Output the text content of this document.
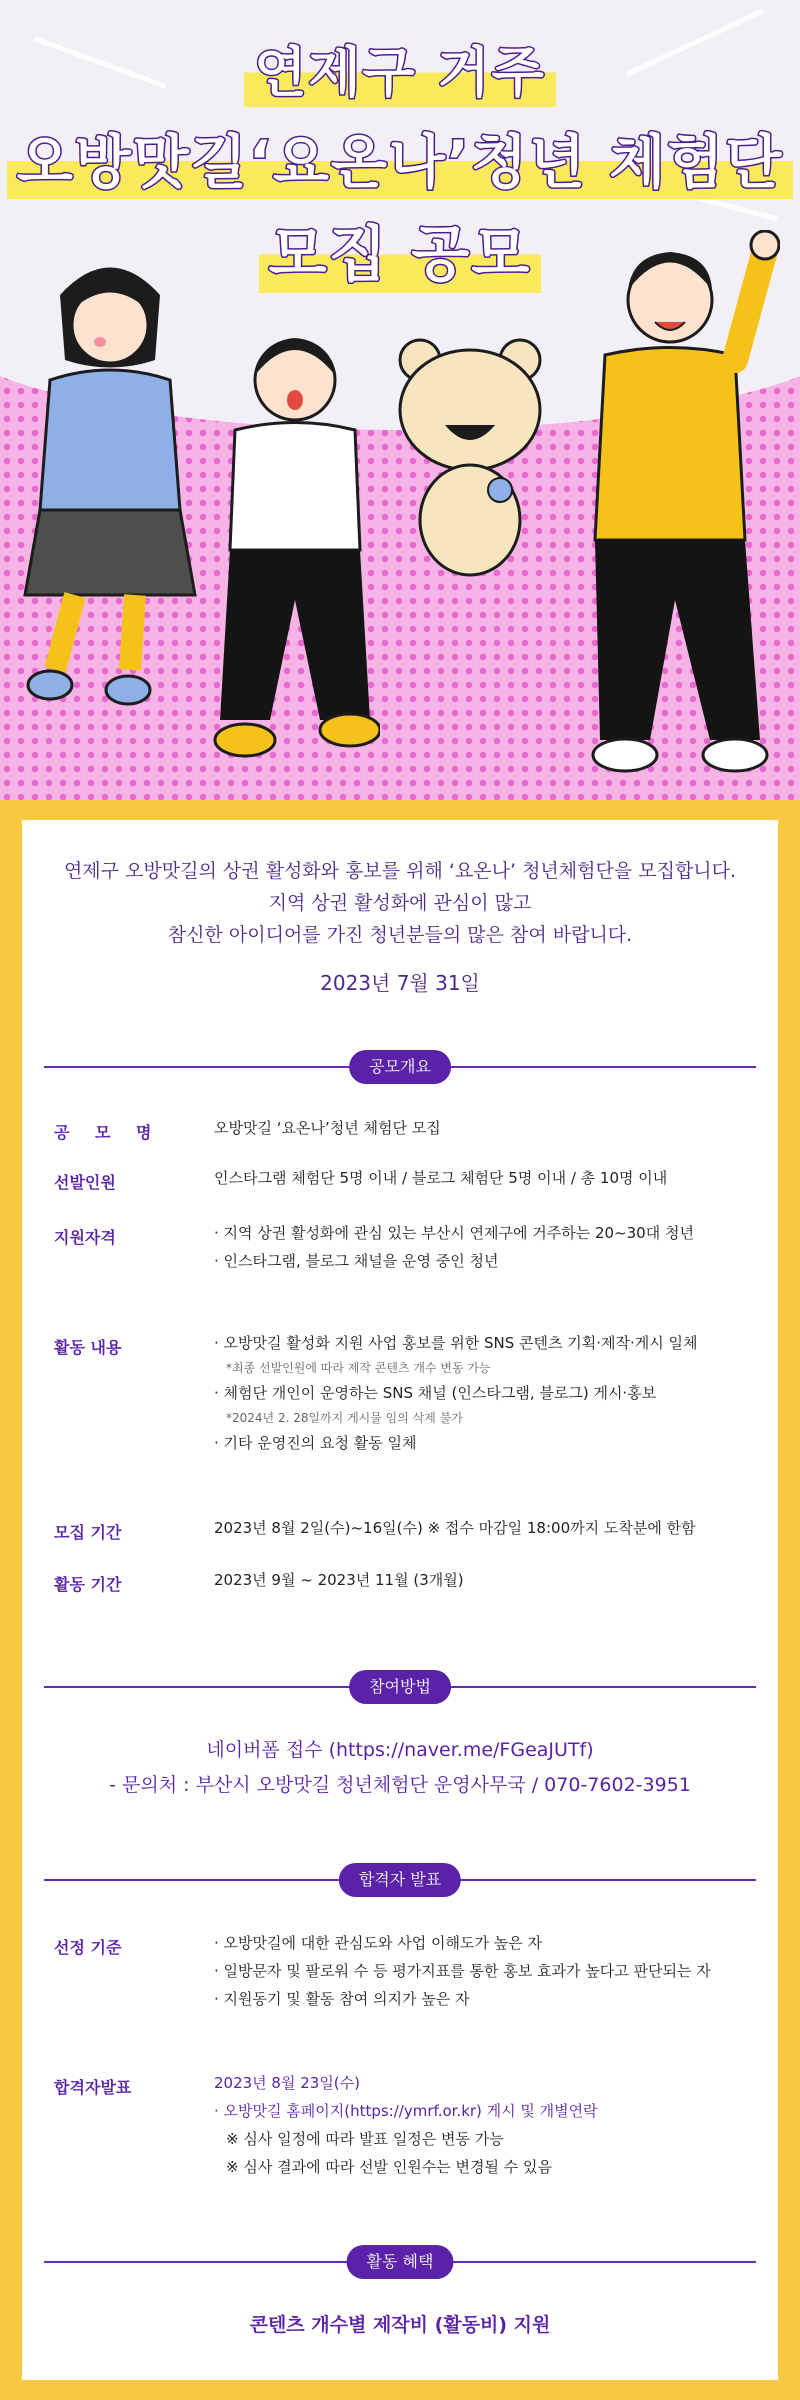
연제구 거주
오방맛길‘요온나’청년 체험단
모집 공모

연제구 오방맛길의 상권 활성화와 홍보를 위해 ‘요온나’ 청년체험단을 모집합니다.

지역 상권 활성화에 관심이 많고

참신한 아이디어를 가진 청년분들의 많은 참여 바랍니다.

2023년 7월 31일

공모개요
공 모 명	오방맛길 ‘요온나’청년 체험단 모집
선발인원	인스타그램 체험단 5명 이내 / 블로그 체험단 5명 이내 / 총 10명 이내
지원자격	· 지역 상권 활성화에 관심 있는 부산시 연제구에 거주하는 20~30대 청년
· 인스타그램, 블로그 채널을 운영 중인 청년
활동 내용	· 오방맛길 활성화 지원 사업 홍보를 위한 SNS 콘텐츠 기획·제작·게시 일체
*최종 선발인원에 따라 제작 콘텐츠 개수 변동 가능
· 체험단 개인이 운영하는 SNS 채널 (인스타그램, 블로그) 게시·홍보
*2024년 2. 28일까지 게시물 임의 삭제 불가
· 기타 운영진의 요청 활동 일체
모집 기간	2023년 8월 2일(수)~16일(수) ※ 접수 마감일 18:00까지 도착분에 한함
활동 기간	2023년 9월 ~ 2023년 11월 (3개월)
참여방법

네이버폼 접수 (https://naver.me/FGeaJUTf)

- 문의처 : 부산시 오방맛길 청년체험단 운영사무국 / 070-7602-3951

합격자 발표
선정 기준	· 오방맛길에 대한 관심도와 사업 이해도가 높은 자
· 일방문자 및 팔로워 수 등 평가지표를 통한 홍보 효과가 높다고 판단되는 자
· 지원동기 및 활동 참여 의지가 높은 자
합격자발표	2023년 8월 23일(수)
· 오방맛길 홈페이지(https://ymrf.or.kr) 게시 및 개별연락
※ 심사 일정에 따라 발표 일정은 변동 가능
※ 심사 결과에 따라 선발 인원수는 변경될 수 있음
활동 혜택

콘텐츠 개수별 제작비 (활동비) 지원
